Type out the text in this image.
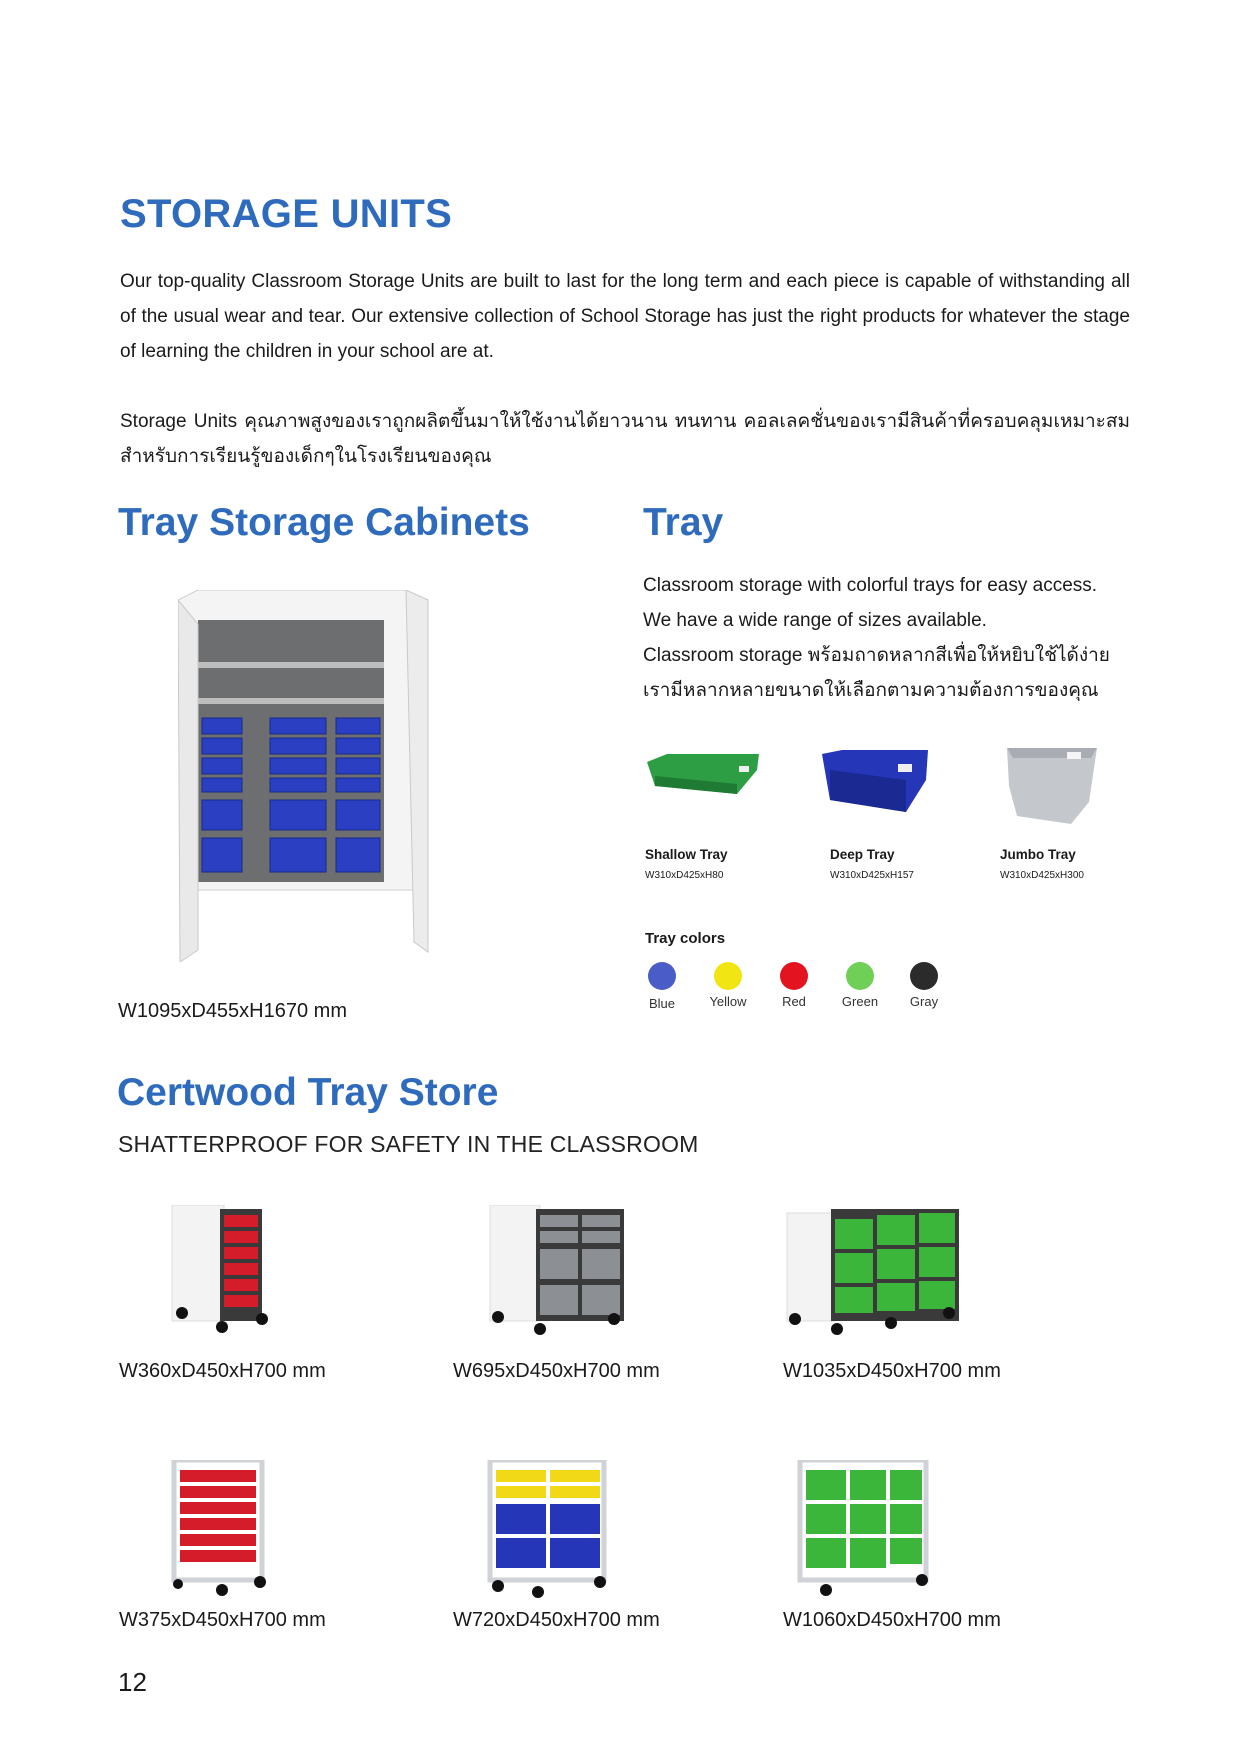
STORAGE UNITS
Our top-quality Classroom Storage Units are built to last for the long term and each piece is capable of withstanding all of the usual wear and tear. Our extensive collection of School Storage has just the right products for whatever the stage of learning the children in your school are at.
Storage Units คุณภาพสูงของเราถูกผลิตขึ้นมาให้ใช้งานได้ยาวนาน ทนทาน คอลเลคชั่นของเรามีสินค้าที่ครอบคลุมเหมาะสมสำหรับการเรียนรู้ของเด็กๆในโรงเรียนของคุณ
Tray Storage Cabinets
W1095xD455xH1670 mm
Tray
Classroom storage with colorful trays for easy access.
We have a wide range of sizes available.
Classroom storage พร้อมถาดหลากสีเพื่อให้หยิบใช้ได้ง่าย
เรามีหลากหลายขนาดให้เลือกตามความต้องการของคุณ
Shallow Tray
W310xD425xH80
Deep Tray
W310xD425xH157
Jumbo Tray
W310xD425xH300
Tray colors
Blue	Yellow	Red	Green	Gray
Certwood Tray Store
SHATTERPROOF FOR SAFETY IN THE CLASSROOM
W360xD450xH700 mm	W695xD450xH700 mm	W1035xD450xH700 mm
W375xD450xH700 mm	W720xD450xH700 mm	W1060xD450xH700 mm
12
